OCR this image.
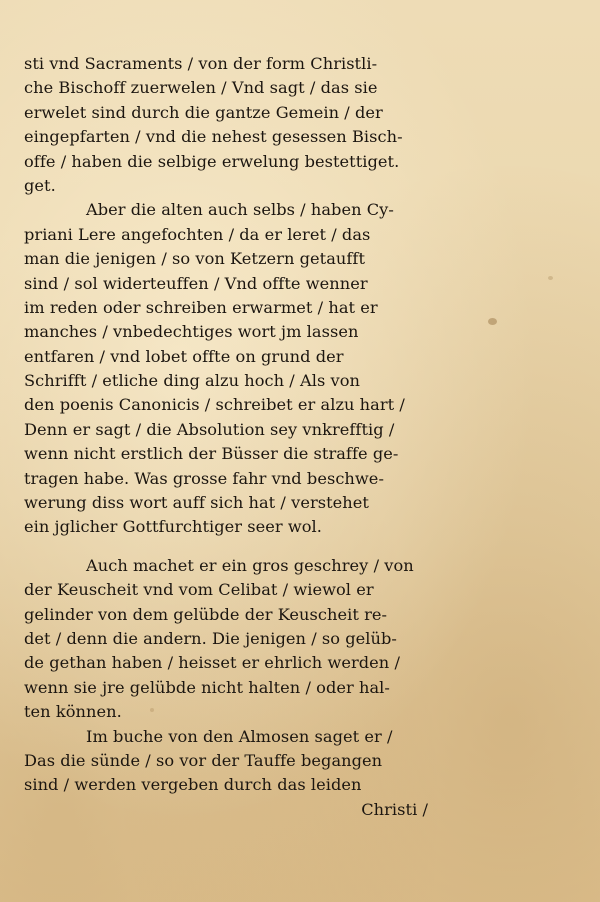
sti vnd Sacraments / von der form Christli-
che Bischoff zuerwelen / Vnd sagt / das sie
erwelet sind durch die gantze Gemein / der
eingepfarten / vnd die nehest gesessen Bisch-
offe / haben die selbige erwelung bestettiget.
get.
Aber die alten auch selbs / haben Cy-
priani Lere angefochten / da er leret / das
man die jenigen / so von Ketzern getaufft
sind / sol widerteuffen / Vnd offte wenner
im reden oder schreiben erwarmet / hat er
manches / vnbedechtiges wort jm lassen
entfaren / vnd lobet offte on grund der
Schrifft / etliche ding alzu hoch / Als von
den poenis Canonicis / schreibet er alzu hart /
Denn er sagt / die Absolution sey vnkrefftig /
wenn nicht erstlich der Büsser die straffe ge-
tragen habe. Was grosse fahr vnd beschwe-
werung diss wort auff sich hat / verstehet
ein jglicher Gottfurchtiger seer wol.
Auch machet er ein gros geschrey / von
der Keuscheit vnd vom Celibat / wiewol er
gelinder von dem gelübde der Keuscheit re-
det / denn die andern. Die jenigen / so gelüb-
de gethan haben / heisset er ehrlich werden /
wenn sie jre gelübde nicht halten / oder hal-
ten können.
Im buche von den Almosen saget er /
Das die sünde / so vor der Tauffe begangen
sind / werden vergeben durch das leiden
Christi /
